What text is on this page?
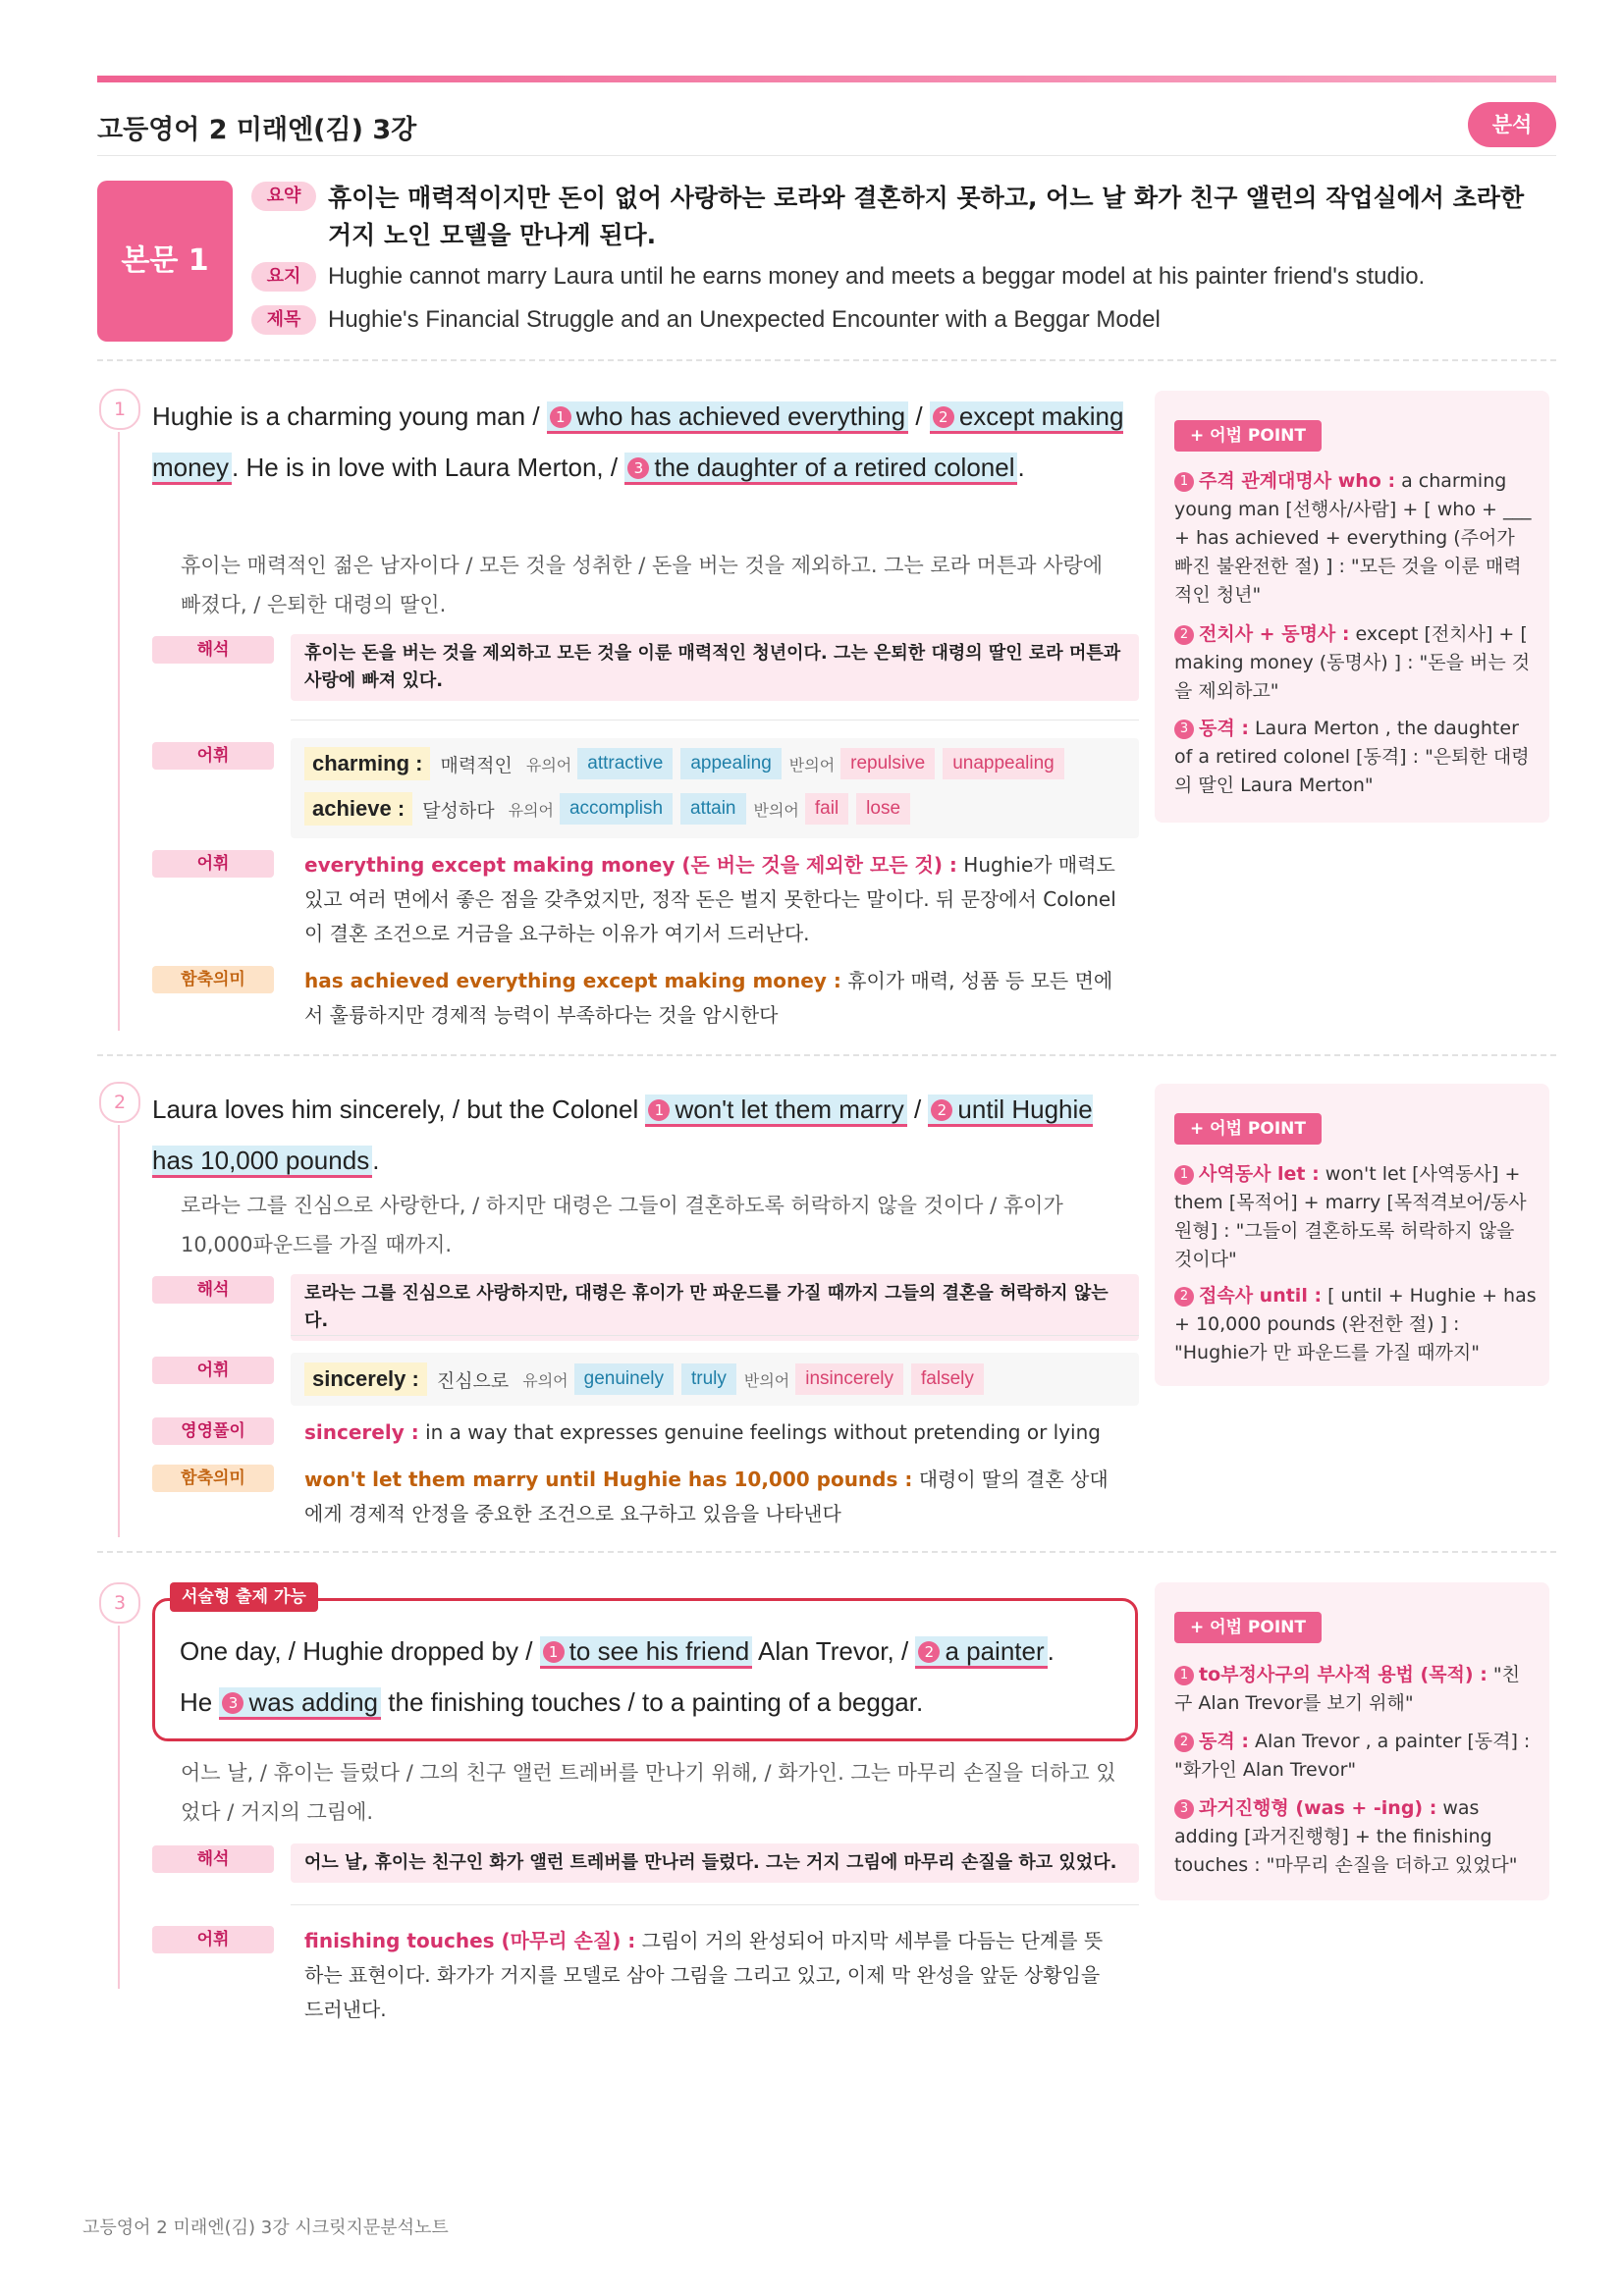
고등영어 2 미래엔(김) 3강	분석
본문 1
요약	휴이는 매력적이지만 돈이 없어 사랑하는 로라와 결혼하지 못하고, 어느 날 화가 친구 앨런의 작업실에서 초라한 거지 노인 모델을 만나게 된다.
요지	Hughie cannot marry Laura until he earns money and meets a beggar model at his painter friend's studio.
제목	Hughie's Financial Struggle and an Unexpected Encounter with a Beggar Model
1	Hughie is a charming young man / 1 who has achieved everything / 2 except making money . He is in love with Laura Merton, / 3 the daughter of a retired colonel .
휴이는 매력적인 젊은 남자이다 / 모든 것을 성취한 / 돈을 버는 것을 제외하고. 그는 로라 머튼과 사랑에 빠졌다, / 은퇴한 대령의 딸인.
해석	휴이는 돈을 버는 것을 제외하고 모든 것을 이룬 매력적인 청년이다. 그는 은퇴한 대령의 딸인 로라 머튼과 사랑에 빠져 있다.
어휘	charming : 매력적인 유의어 attractive	appealing	반의어 repulsive	unappealing
achieve : 달성하다 유의어 accomplish	attain	반의어 fail	lose
어휘	everything except making money (돈 버는 것을 제외한 모든 것) : Hughie가 매력도 있고 여러 면에서 좋은 점을 갖추었지만, 정작 돈은 벌지 못한다는 말이다. 뒤 문장에서 Colonel이 결혼 조건으로 거금을 요구하는 이유가 여기서 드러난다.
함축의미	has achieved everything except making money : 휴이가 매력, 성품 등 모든 면에서 훌륭하지만 경제적 능력이 부족하다는 것을 암시한다
+ 어법 POINT
1 주격 관계대명사 who : a charming young man [선행사/사람] + [ who + ___ + has achieved + everything (주어가 빠진 불완전한 절) ] : "모든 것을 이룬 매력적인 청년"
2 전치사 + 동명사 : except [전치사] + [ making money (동명사) ] : "돈을 버는 것을 제외하고"
3 동격 : Laura Merton , the daughter of a retired colonel [동격] : "은퇴한 대령의 딸인 Laura Merton"
2	Laura loves him sincerely, / but the Colonel 1 won't let them marry / 2 until Hughie has 10,000 pounds .
로라는 그를 진심으로 사랑한다, / 하지만 대령은 그들이 결혼하도록 허락하지 않을 것이다 / 휴이가 10,000파운드를 가질 때까지.
해석	로라는 그를 진심으로 사랑하지만, 대령은 휴이가 만 파운드를 가질 때까지 그들의 결혼을 허락하지 않는다.
어휘	sincerely : 진심으로 유의어 genuinely	truly	반의어 insincerely	falsely
영영풀이	sincerely : in a way that expresses genuine feelings without pretending or lying
함축의미	won't let them marry until Hughie has 10,000 pounds : 대령이 딸의 결혼 상대에게 경제적 안정을 중요한 조건으로 요구하고 있음을 나타낸다
+ 어법 POINT
1 사역동사 let : won't let [사역동사] + them [목적어] + marry [목적격보어/동사원형] : "그들이 결혼하도록 허락하지 않을 것이다"
2 접속사 until : [ until + Hughie + has + 10,000 pounds (완전한 절) ] : "Hughie가 만 파운드를 가질 때까지"
3	서술형 출제 가능
One day, / Hughie dropped by / 1 to see his friend Alan Trevor, / 2 a painter .
He 3 was adding the finishing touches / to a painting of a beggar.
어느 날, / 휴이는 들렀다 / 그의 친구 앨런 트레버를 만나기 위해, / 화가인. 그는 마무리 손질을 더하고 있었다 / 거지의 그림에.
해석	어느 날, 휴이는 친구인 화가 앨런 트레버를 만나러 들렀다. 그는 거지 그림에 마무리 손질을 하고 있었다.
어휘	finishing touches (마무리 손질) : 그림이 거의 완성되어 마지막 세부를 다듬는 단계를 뜻하는 표현이다. 화가가 거지를 모델로 삼아 그림을 그리고 있고, 이제 막 완성을 앞둔 상황임을 드러낸다.
+ 어법 POINT
1 to부정사구의 부사적 용법 (목적) : "친구 Alan Trevor를 보기 위해"
2 동격 : Alan Trevor , a painter [동격] : "화가인 Alan Trevor"
3 과거진행형 (was + -ing) : was adding [과거진행형] + the finishing touches : "마무리 손질을 더하고 있었다"
고등영어 2 미래엔(김) 3강 시크릿지문분석노트
